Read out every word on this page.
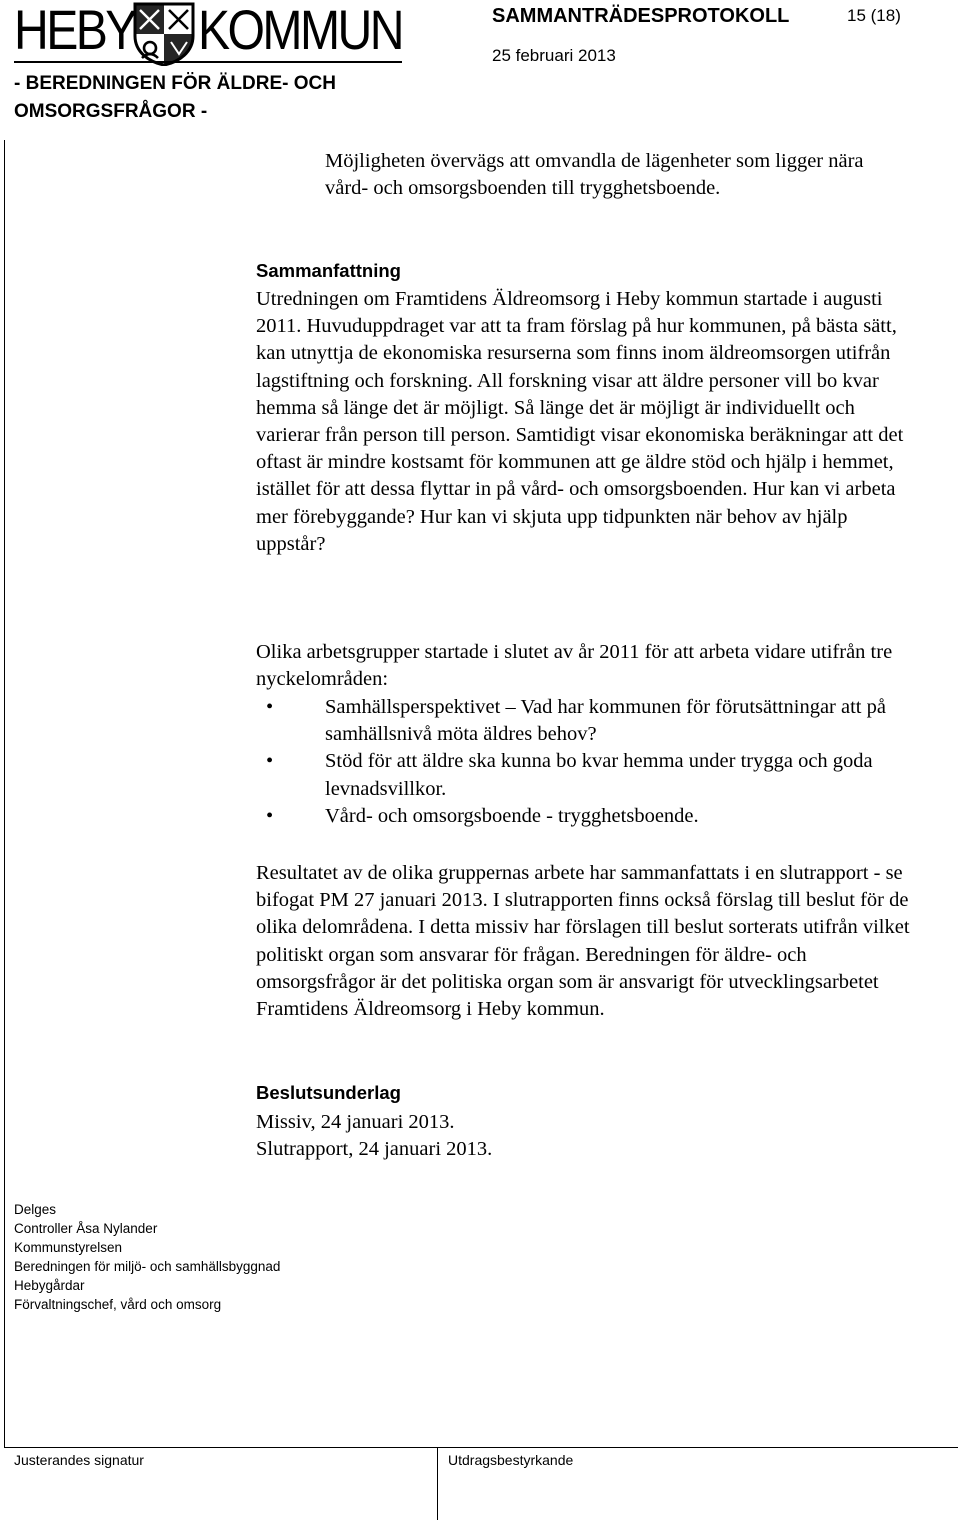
HEBY KOMMUN
- BEREDNINGEN FÖR ÄLDRE- OCH
OMSORGSFRÅGOR -
SAMMANTRÄDESPROTOKOLL	15 (18)
25 februari 2013

Möjligheten övervägs att omvandla de lägenheter som ligger nära vård- och omsorgsboenden till trygghetsboende.

Sammanfattning

Utredningen om Framtidens Äldreomsorg i Heby kommun startade i augusti 2011. Huvuduppdraget var att ta fram förslag på hur kommunen, på bästa sätt, kan utnyttja de ekonomiska resurserna som finns inom äldreomsorgen utifrån lagstiftning och forskning. All forskning visar att äldre personer vill bo kvar hemma så länge det är möjligt. Så länge det är möjligt är individuellt och varierar från person till person. Samtidigt visar ekonomiska beräkningar att det oftast är mindre kostsamt för kommunen att ge äldre stöd och hjälp i hemmet, istället för att dessa flyttar in på vård- och omsorgsboenden. Hur kan vi arbeta mer förebyggande? Hur kan vi skjuta upp tidpunkten när behov av hjälp uppstår?

Olika arbetsgrupper startade i slutet av år 2011 för att arbeta vidare utifrån tre nyckelområden:

•	Samhällsperspektivet – Vad har kommunen för förutsättningar att på samhällsnivå möta äldres behov?
•	Stöd för att äldre ska kunna bo kvar hemma under trygga och goda levnadsvillkor.
•	Vård- och omsorgsboende - trygghetsboende.

Resultatet av de olika gruppernas arbete har sammanfattats i en slutrapport - se bifogat PM 27 januari 2013. I slutrapporten finns också förslag till beslut för de olika delområdena. I detta missiv har förslagen till beslut sorterats utifrån vilket politiskt organ som ansvarar för frågan. Beredningen för äldre- och omsorgsfrågor är det politiska organ som är ansvarigt för utvecklingsarbetet Framtidens Äldreomsorg i Heby kommun.

Beslutsunderlag
Missiv, 24 januari 2013.
Slutrapport, 24 januari 2013.
Delges
Controller Åsa Nylander
Kommunstyrelsen
Beredningen för miljö- och samhällsbyggnad
Hebygårdar
Förvaltningschef, vård och omsorg
Justerandes signatur	Utdragsbestyrkande
